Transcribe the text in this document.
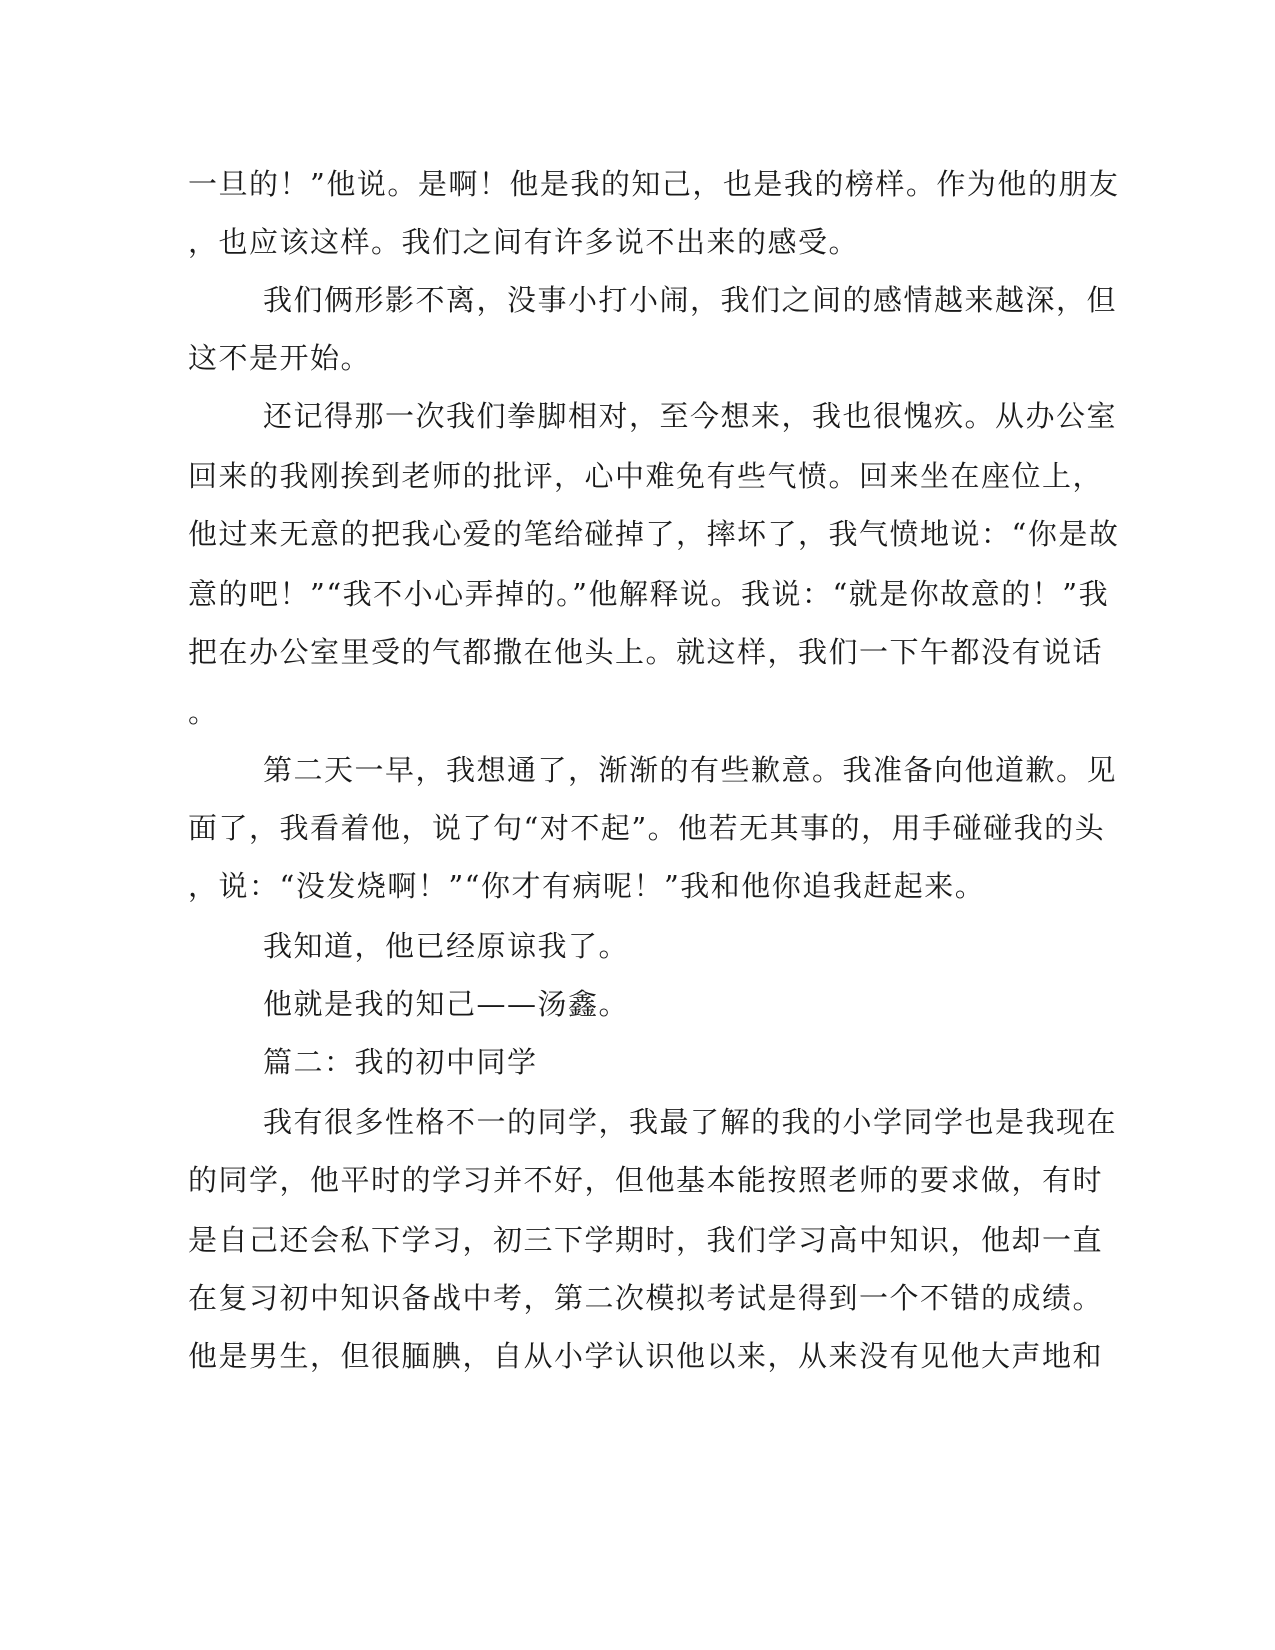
一旦的！”他说。是啊！他是我的知己，也是我的榜样。作为他的朋友
，也应该这样。我们之间有许多说不出来的感受。
我们俩形影不离，没事小打小闹，我们之间的感情越来越深，但
这不是开始。
还记得那一次我们拳脚相对，至今想来，我也很愧疚。从办公室
回来的我刚挨到老师的批评，心中难免有些气愤。回来坐在座位上，
他过来无意的把我心爱的笔给碰掉了，摔坏了，我气愤地说：“你是故
意的吧！”“我不小心弄掉的。”他解释说。我说：“就是你故意的！”我
把在办公室里受的气都撒在他头上。就这样，我们一下午都没有说话
。
第二天一早，我想通了，渐渐的有些歉意。我准备向他道歉。见
面了，我看着他，说了句“对不起”。他若无其事的，用手碰碰我的头
，说：“没发烧啊！”“你才有病呢！”我和他你追我赶起来。
我知道，他已经原谅我了。
他就是我的知己——汤鑫。
篇二：我的初中同学
我有很多性格不一的同学，我最了解的我的小学同学也是我现在
的同学，他平时的学习并不好，但他基本能按照老师的要求做，有时
是自己还会私下学习，初三下学期时，我们学习高中知识，他却一直
在复习初中知识备战中考，第二次模拟考试是得到一个不错的成绩。
他是男生，但很腼腆，自从小学认识他以来，从来没有见他大声地和
